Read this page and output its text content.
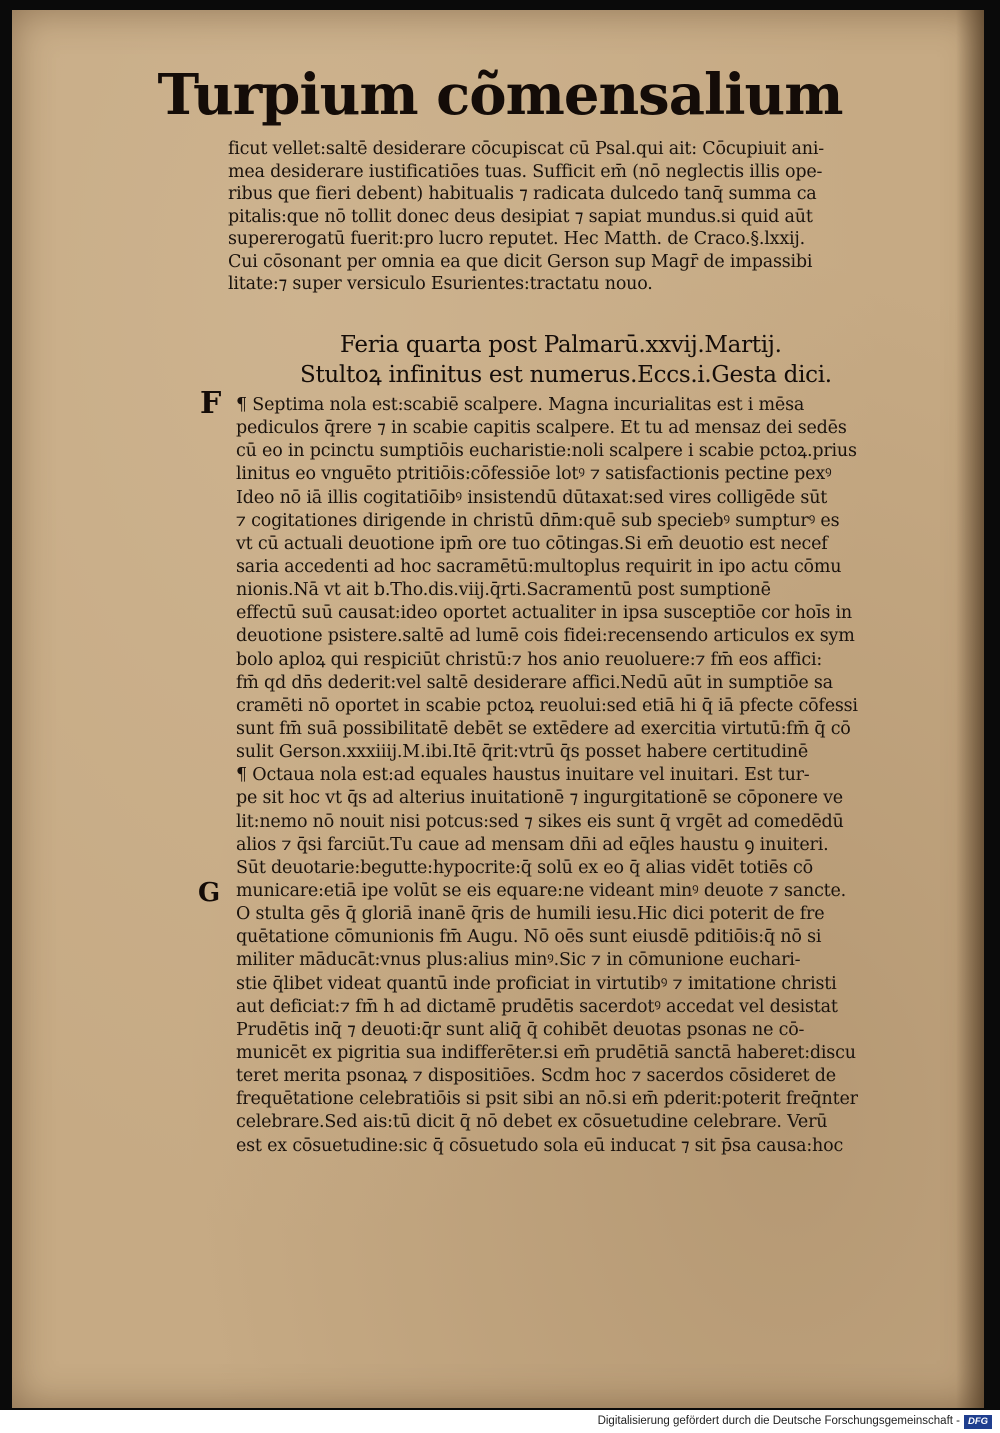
Turpium cõmensalium
ficut vellet:saltē desiderare cōcupiscat cū Psal.qui ait: Cōcupiuit ani-
mea desiderare iustificatiōes tuas. Sufficit em̄ (nō neglectis illis ope-
ribus que fieri debent) habitualis ⁊ radicata dulcedo tanq̄ summa ca
pitalis:que nō tollit̄ donec deus desipiat ⁊ sapiat mundus.si quid aūt
supererogatū fuerit:pro lucro reputet̄. Hec Matth. de Craco.§.lxxij.
Cui cōsonant per omnia ea que dicit Gerson sup Magr̄ de impassibi
litate:⁊ super versiculo Esurientes:tractatu nouo.
Feria quarta post Palmarū.xxvij.Martij.
Stultoꝝ infinitus est numerus.Eccs.i.Gesta dici.
F
G
¶ Septima nola est:scabiē scalpere. Magna incurialitas est i mēsa
pediculos q̄rere ⁊ in scabie capitis scalpere. Et tu ad mensaz dei sedēs
cū eo in pcinctu sumptiōis eucharistie:noli scalpere i scabie pctoꝝ.prius
linitus eo vnguēto ptritiōis:cōfessiōe lotꝰ ⁊ satisfactionis pectine pexꝰ
Ideo nō iā illis cogitatiōibꝰ insistendū dūtaxat:sed vires colligēde sūt
⁊ cogitationes dirigende in christū dn̄m:quē sub speciebꝰ sumpturꝰ es
vt cū actuali deuotione ipm̄ ore tuo cōtingas.Si em̄ deuotio est necef
saria accedenti ad hoc sacramētū:multoplus requirit̄ in ipo actu cōmu
nionis.Nā vt ait b.Tho.dis.viij.q̄rti.Sacramentū post sumptionē
effectū suū causat:ideo oportet actualiter in ipsa susceptiōe cor hoīs in
deuotione psistere.saltē ad lumē cois fidei:recensendo articulos ex sym
bolo aploꝝ qui respiciūt christū:⁊ hos anio reuoluere:⁊ fm̄ eos affici:
fm̄ qd̄ dn̄s dederit:vel saltē desiderare affici.Nedū aūt in sumptiōe sa
cramēti nō oportet in scabie pctoꝝ reuolui:sed etiā hi q̄ iā pfecte cōfessi
sunt fm̄ suā possibilitatē debēt se extēdere ad exercitia virtutū:fm̄ q̄ cō
sulit Gerson.xxxiiij.M.ibi.Itē q̄rit̄:vtrū q̄s posset habere certitudinē
¶ Octaua nola est:ad equales haustus inuitare vel inuitari. Est tur-
pe sit hoc vt q̄s ad alterius inuitationē ⁊ ingurgitationē se cōponere ve
lit:nemo nō nouit nisi potcus:sed ⁊ sikes eis sunt q̄ vrgēt ad comedēdū
alios ⁊ q̄si farciūt.Tu caue ad mensam dn̄i ad eq̄les haustu ꝯ inuiteri.
Sūt deuotarie:begutte:hypocrite:q̄ solū ex eo q̄ alias vidēt totiēs cō
municare:etiā ipe volūt se eis equare:ne videant̄ minꝰ deuote ⁊ sancte.
O stulta gēs q̄ gloriā inanē q̄ris de humili iesu.Hic dici poterit de fre
quētatione cōmunionis fm̄ Augu. Nō oēs sunt eiusdē pditiōis:q̄ nō si
militer māducāt:vnus plus:alius minꝰ.Sic ⁊ in cōmunione euchari-
stie q̄libet videat quantū inde proficiat in virtutibꝰ ⁊ imitatione christi
aut deficiat:⁊ fm̄ h̄ ad dictamē prudētis sacerdotꝰ accedat vel desistat
Prudētis inq̄ ⁊ deuoti:q̄r sunt aliq̄ q̄ cohibēt deuotas psonas ne cō-
municēt ex pigritia sua indifferēter.si em̄ prudētiā sanctā haberet:discu
teret merita psonaꝝ ⁊ dispositiōes. Scd̄m hoc ⁊ sacerdos cōsideret de
frequētatione celebratiōis si psit sibi an nō.si em̄ pderit:poterit freq̄nter
celebrare.Sed ais:tū dicit̄ q̄ nō debet ex cōsuetudine celebrare. Verū
est ex cōsuetudine:sic q̄ cōsuetudo sola eū inducat ⁊ sit p̄sa causa:hoc
Digitalisierung gefördert durch die Deutsche Forschungsgemeinschaft - DFG
